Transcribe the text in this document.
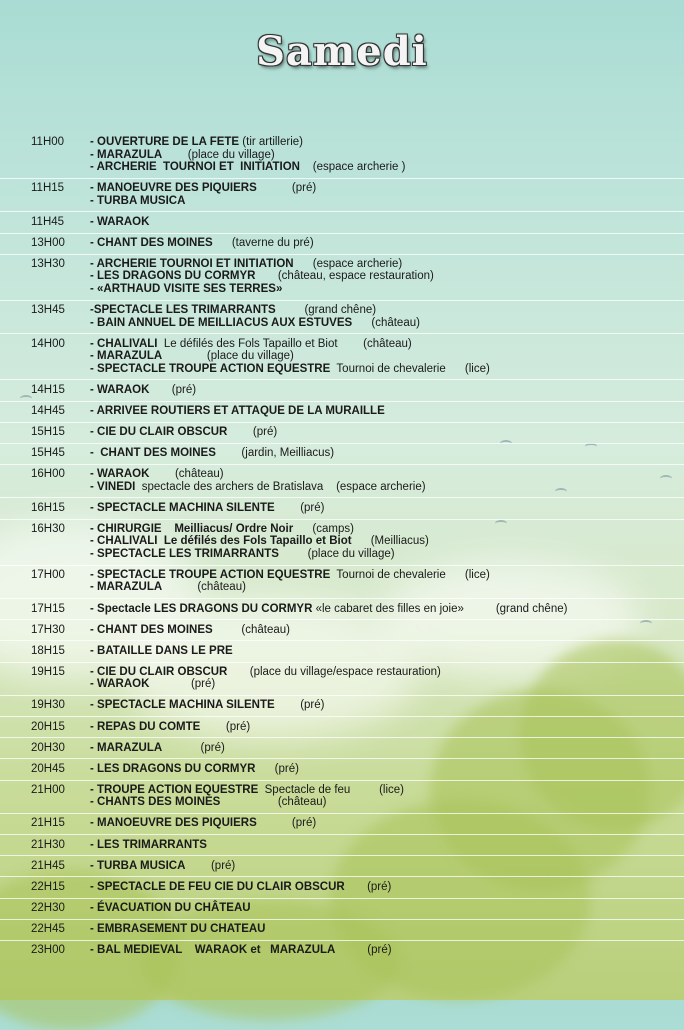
Samedi
11H00	- OUVERTURE DE LA FETE (tir artillerie)
- MARAZULA        (place du village)
- ARCHERIE  TOURNOI ET  INITIATION    (espace archerie )
11H15	- MANOEUVRE DES PIQUIERS           (pré)
- TURBA MUSICA
11H45	- WARAOK
13H00	- CHANT DES MOINES      (taverne du pré)
13H30	- ARCHERIE TOURNOI ET INITIATION      (espace archerie)
- LES DRAGONS DU CORMYR       (château, espace restauration)
- «ARTHAUD VISITE SES TERRES»
13H45	-SPECTACLE LES TRIMARRANTS         (grand chêne)
- BAIN ANNUEL DE MEILLIACUS AUX ESTUVES      (château)
14H00	- CHALIVALI  Le défilés des Fols Tapaillo et Biot        (château)
- MARAZULA              (place du village)
- SPECTACLE TROUPE ACTION EQUESTRE  Tournoi de chevalerie      (lice)
14H15	- WARAOK       (pré)
14H45	- ARRIVEE ROUTIERS ET ATTAQUE DE LA MURAILLE
15H15	- CIE DU CLAIR OBSCUR        (pré)
15H45	-  CHANT DES MOINES        (jardin, Meilliacus)
16H00	- WARAOK        (château)
- VINEDI  spectacle des archers de Bratislava    (espace archerie)
16H15	- SPECTACLE MACHINA SILENTE        (pré)
16H30	- CHIRURGIE    Meilliacus/ Ordre Noir      (camps)
- CHALIVALI  Le défilés des Fols Tapaillo et Biot      (Meilliacus)
- SPECTACLE LES TRIMARRANTS         (place du village)
17H00	- SPECTACLE TROUPE ACTION EQUESTRE  Tournoi de chevalerie      (lice)
- MARAZULA           (château)
17H15	- Spectacle LES DRAGONS DU CORMYR «le cabaret des filles en joie»          (grand chêne)
17H30	- CHANT DES MOINES         (château)
18H15	- BATAILLE DANS LE PRE
19H15	- CIE DU CLAIR OBSCUR       (place du village/espace restauration)
- WARAOK             (pré)
19H30	- SPECTACLE MACHINA SILENTE        (pré)
20H15	- REPAS DU COMTE        (pré)
20H30	- MARAZULA            (pré)
20H45	- LES DRAGONS DU CORMYR      (pré)
21H00	- TROUPE ACTION EQUESTRE  Spectacle de feu         (lice)
- CHANTS DES MOINES                  (château)
21H15	- MANOEUVRE DES PIQUIERS           (pré)
21H30	- LES TRIMARRANTS
21H45	- TURBA MUSICA        (pré)
22H15	- SPECTACLE DE FEU CIE DU CLAIR OBSCUR       (pré)
22H30	- ÉVACUATION DU CHÂTEAU
22H45	- EMBRASEMENT DU CHATEAU
23H00	- BAL MEDIEVAL    WARAOK et   MARAZULA          (pré)
